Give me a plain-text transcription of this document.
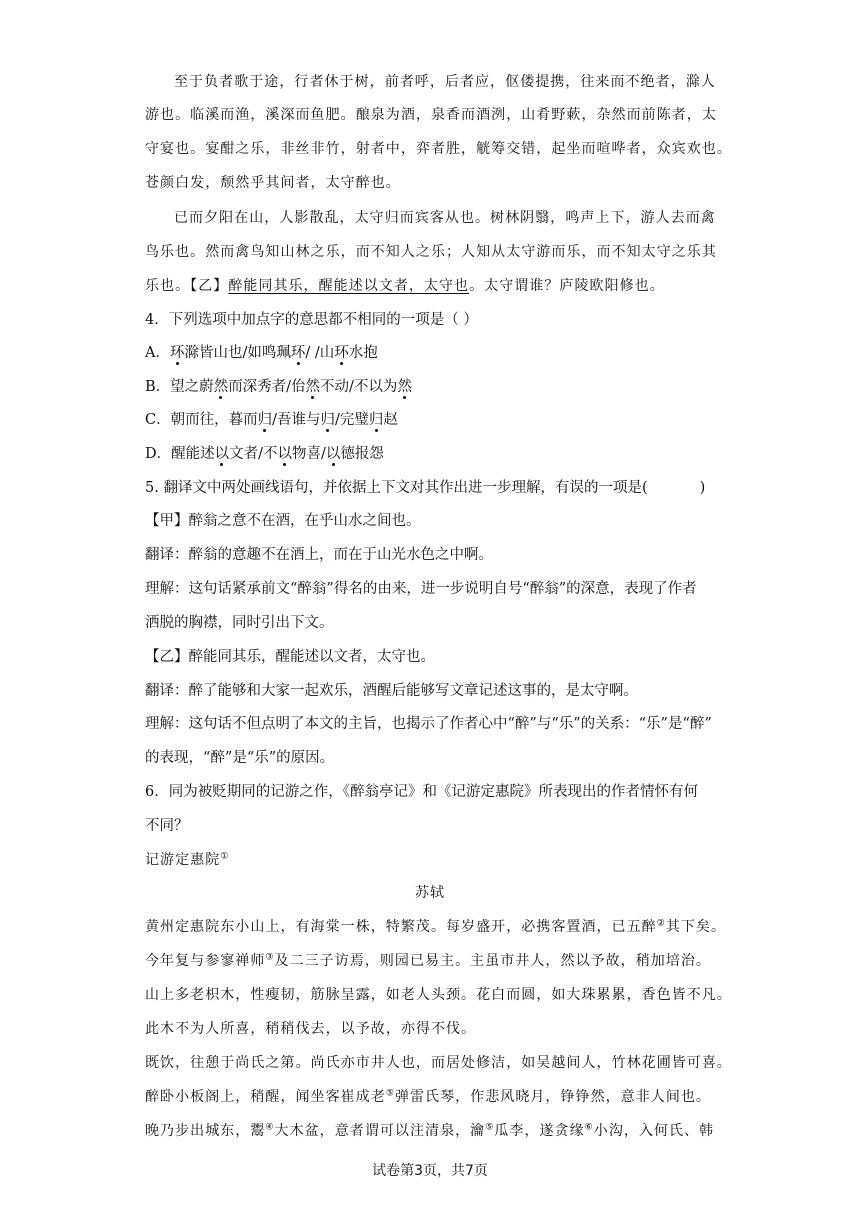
至于负者歌于途，行者休于树，前者呼，后者应，伛偻提携，往来而不绝者，滁人
游也。临溪而渔，溪深而鱼肥。酿泉为酒，泉香而酒洌，山肴野蔌，杂然而前陈者，太
守宴也。宴酣之乐，非丝非竹，射者中，弈者胜，觥筹交错，起坐而喧哗者，众宾欢也。
苍颜白发，颓然乎其间者，太守醉也。
已而夕阳在山，人影散乱，太守归而宾客从也。树林阴翳，鸣声上下，游人去而禽
鸟乐也。然而禽鸟知山林之乐，而不知人之乐；人知从太守游而乐，而不知太守之乐其
乐也。【乙】醉能同其乐，醒能述以文者，太守也。太守谓谁？庐陵欧阳修也。
4．下列选项中加点字的意思都不相同的一项是（ ）
A．环滁皆山也/如鸣珮环/ /山环水抱
B．望之蔚然而深秀者/佁然不动/不以为然
C．朝而往，暮而归/吾谁与归/完璧归赵
D．醒能述以文者/不以物喜/以德报怨
5. 翻译文中两处画线语句，并依据上下文对其作出进一步理解，有误的一项是(	)
【甲】醉翁之意不在酒，在乎山水之间也。
翻译：醉翁的意趣不在酒上，而在于山光水色之中啊。
理解：这句话紧承前文“醉翁”得名的由来，进一步说明自号“醉翁”的深意，表现了作者
洒脱的胸襟，同时引出下文。
【乙】醉能同其乐，醒能述以文者，太守也。
翻译：醉了能够和大家一起欢乐，酒醒后能够写文章记述这事的，是太守啊。
理解：这句话不但点明了本文的主旨，也揭示了作者心中“醉”与“乐”的关系：“乐”是“醉”
的表现，“醉”是“乐”的原因。
6．同为被贬期同的记游之作，《醉翁亭记》和《记游定惠院》所表现出的作者情怀有何
不同？
记游定惠院①
苏轼
黄州定惠院东小山上，有海棠一株，特繁茂。每岁盛开，必携客置酒，已五醉②其下矣。
今年复与参寥禅师③及二三子访焉，则园已易主。主虽市井人，然以予故，稍加培治。
山上多老枳木，性瘦韧，筋脉呈露，如老人头颈。花白而圆，如大珠累累，香色皆不凡。
此木不为人所喜，稍稍伐去，以予故，亦得不伐。
既饮，往憩于尚氏之第。尚氏亦市井人也，而居处修洁，如吴越间人，竹林花圃皆可喜。
醉卧小板阁上，稍醒，闻坐客崔成老⑤弹雷氏琴，作悲风晓月，铮铮然，意非人间也。
晚乃步出城东，鬻④大木盆，意者谓可以注清泉，瀹⑤瓜李，遂贪缘⑥小沟，入何氏、韩
试卷第3页，共7页
